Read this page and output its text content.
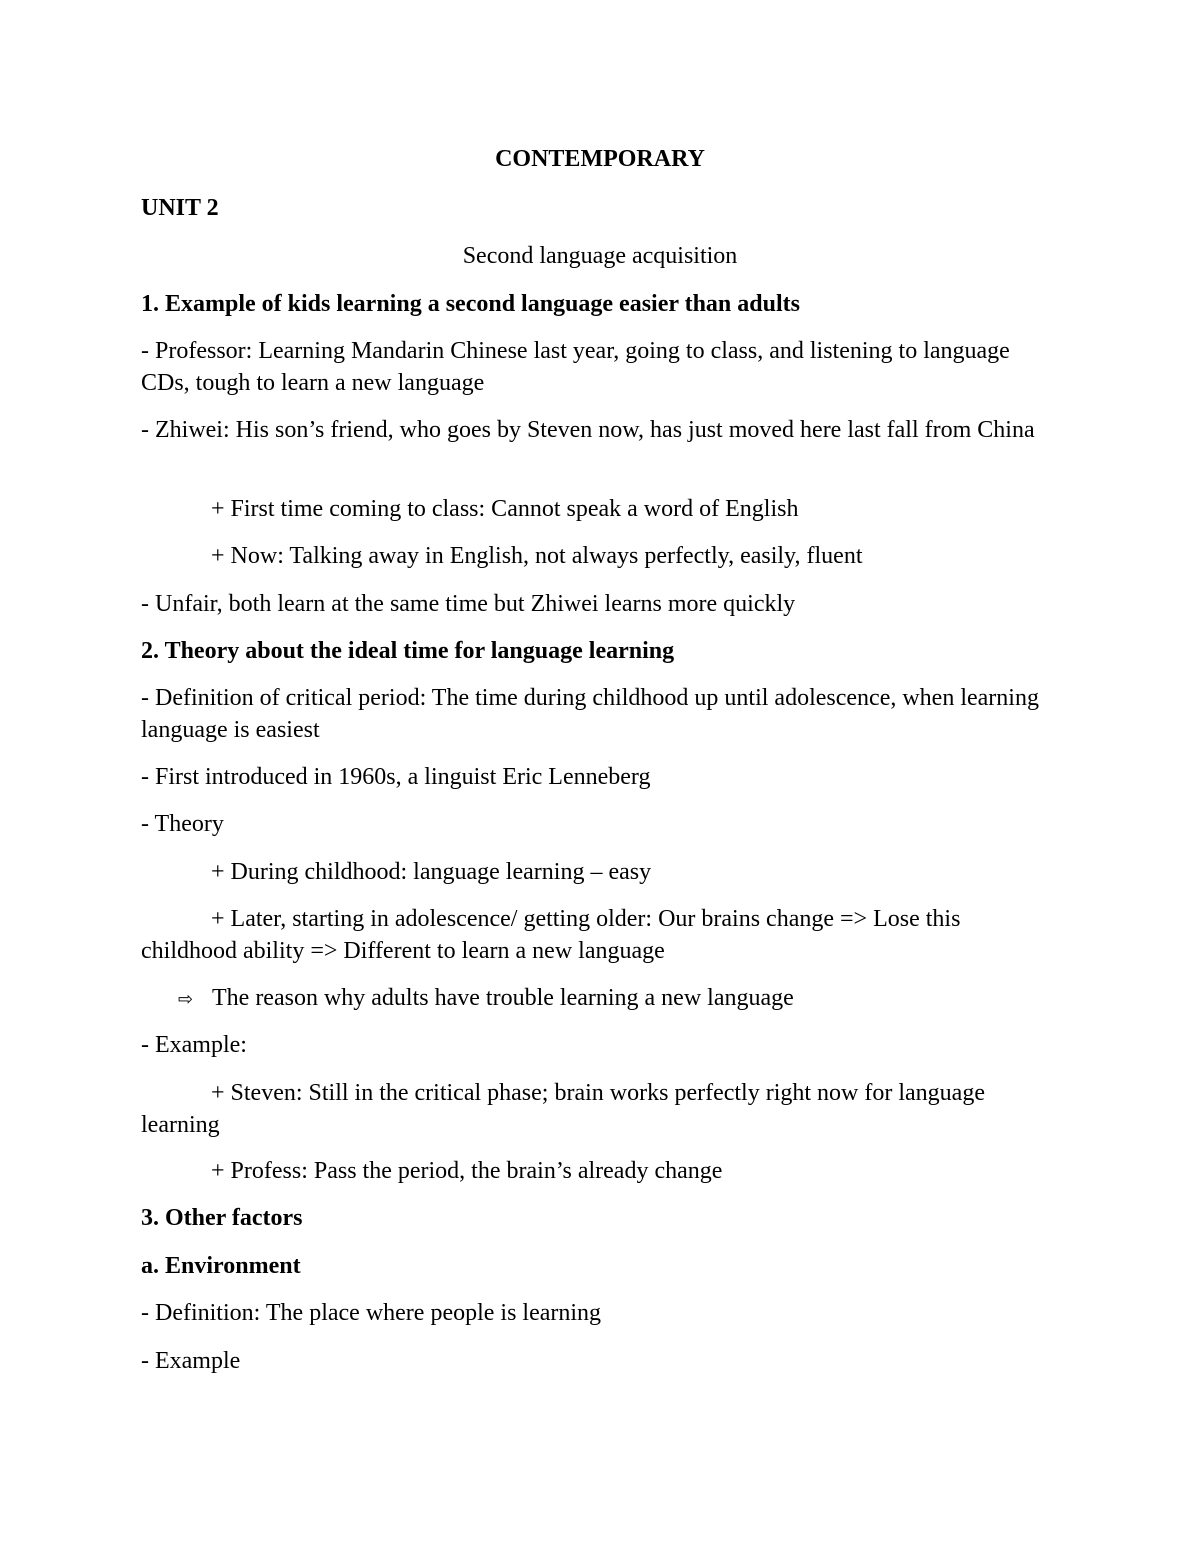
CONTEMPORARY

UNIT 2

Second language acquisition

1. Example of kids learning a second language easier than adults

- Professor: Learning Mandarin Chinese last year, going to class, and listening to language CDs, tough to learn a new language

- Zhiwei: His son’s friend, who goes by Steven now, has just moved here last fall from China

+ First time coming to class: Cannot speak a word of English

+ Now: Talking away in English, not always perfectly, easily, fluent

- Unfair, both learn at the same time but Zhiwei learns more quickly

2. Theory about the ideal time for language learning

- Definition of critical period: The time during childhood up until adolescence, when learning language is easiest

- First introduced in 1960s, a linguist Eric Lenneberg

- Theory

+ During childhood: language learning – easy

+ Later, starting in adolescence/ getting older: Our brains change => Lose this childhood ability => Different to learn a new language

⇨ The reason why adults have trouble learning a new language

- Example:

+ Steven: Still in the critical phase; brain works perfectly right now for language learning

+ Profess: Pass the period, the brain’s already change

3. Other factors

a. Environment

- Definition: The place where people is learning

- Example
